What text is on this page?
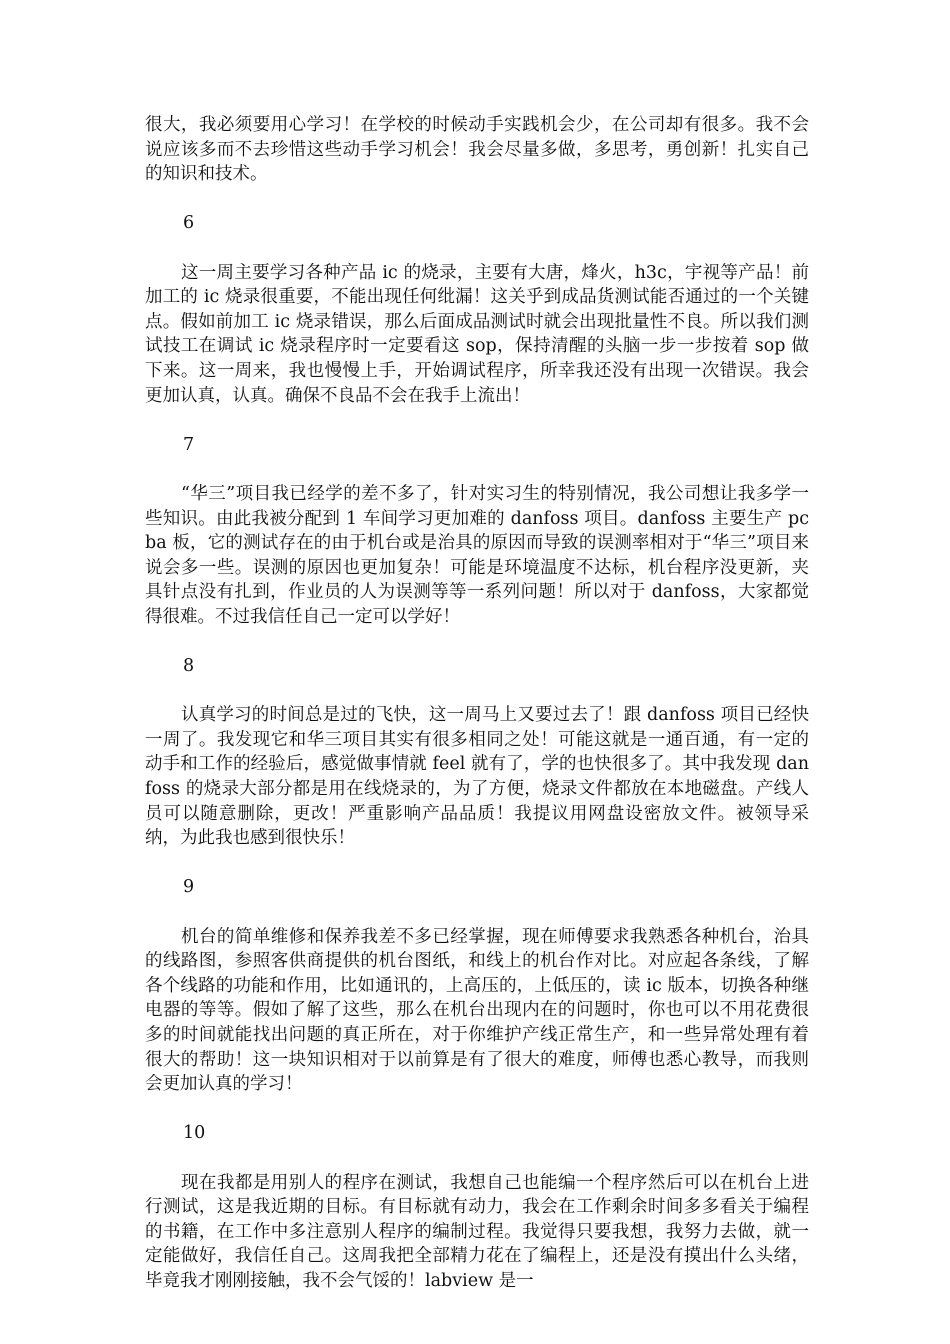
很大，我必须要用心学习！在学校的时候动手实践机会少，在公司却有很多。我不会说应该多而不去珍惜这些动手学习机会！我会尽量多做，多思考，勇创新！扎实自己的知识和技术。

6

这一周主要学习各种产品 ic 的烧录，主要有大唐，烽火，h3c，宇视等产品！前加工的 ic 烧录很重要，不能出现任何纰漏！这关乎到成品货测试能否通过的一个关键点。假如前加工 ic 烧录错误，那么后面成品测试时就会出现批量性不良。所以我们测试技工在调试 ic 烧录程序时一定要看这 sop，保持清醒的头脑一步一步按着 sop 做下来。这一周来，我也慢慢上手，开始调试程序，所幸我还没有出现一次错误。我会更加认真，认真。确保不良品不会在我手上流出！

7

“华三”项目我已经学的差不多了，针对实习生的特别情况，我公司想让我多学一些知识。由此我被分配到 1 车间学习更加难的 danfoss 项目。danfoss 主要生产 pcba 板，它的测试存在的由于机台或是治具的原因而导致的误测率相对于“华三”项目来说会多一些。误测的原因也更加复杂！可能是环境温度不达标，机台程序没更新，夹具针点没有扎到，作业员的人为误测等等一系列问题！所以对于 danfoss，大家都觉得很难。不过我信任自己一定可以学好！

8

认真学习的时间总是过的飞快，这一周马上又要过去了！跟 danfoss 项目已经快一周了。我发现它和华三项目其实有很多相同之处！可能这就是一通百通，有一定的动手和工作的经验后，感觉做事情就 feel 就有了，学的也快很多了。其中我发现 danfoss 的烧录大部分都是用在线烧录的，为了方便，烧录文件都放在本地磁盘。产线人员可以随意删除，更改！严重影响产品品质！我提议用网盘设密放文件。被领导采纳，为此我也感到很快乐！

9

机台的简单维修和保养我差不多已经掌握，现在师傅要求我熟悉各种机台，治具的线路图，参照客供商提供的机台图纸，和线上的机台作对比。对应起各条线，了解各个线路的功能和作用，比如通讯的，上高压的，上低压的，读 ic 版本，切换各种继电器的等等。假如了解了这些，那么在机台出现内在的问题时，你也可以不用花费很多的时间就能找出问题的真正所在，对于你维护产线正常生产，和一些异常处理有着很大的帮助！这一块知识相对于以前算是有了很大的难度，师傅也悉心教导，而我则会更加认真的学习！

10

现在我都是用别人的程序在测试，我想自己也能编一个程序然后可以在机台上进行测试，这是我近期的目标。有目标就有动力，我会在工作剩余时间多多看关于编程的书籍，在工作中多注意别人程序的编制过程。我觉得只要我想，我努力去做，就一定能做好，我信任自己。这周我把全部精力花在了编程上，还是没有摸出什么头绪，毕竟我才刚刚接触，我不会气馁的！labview 是一
